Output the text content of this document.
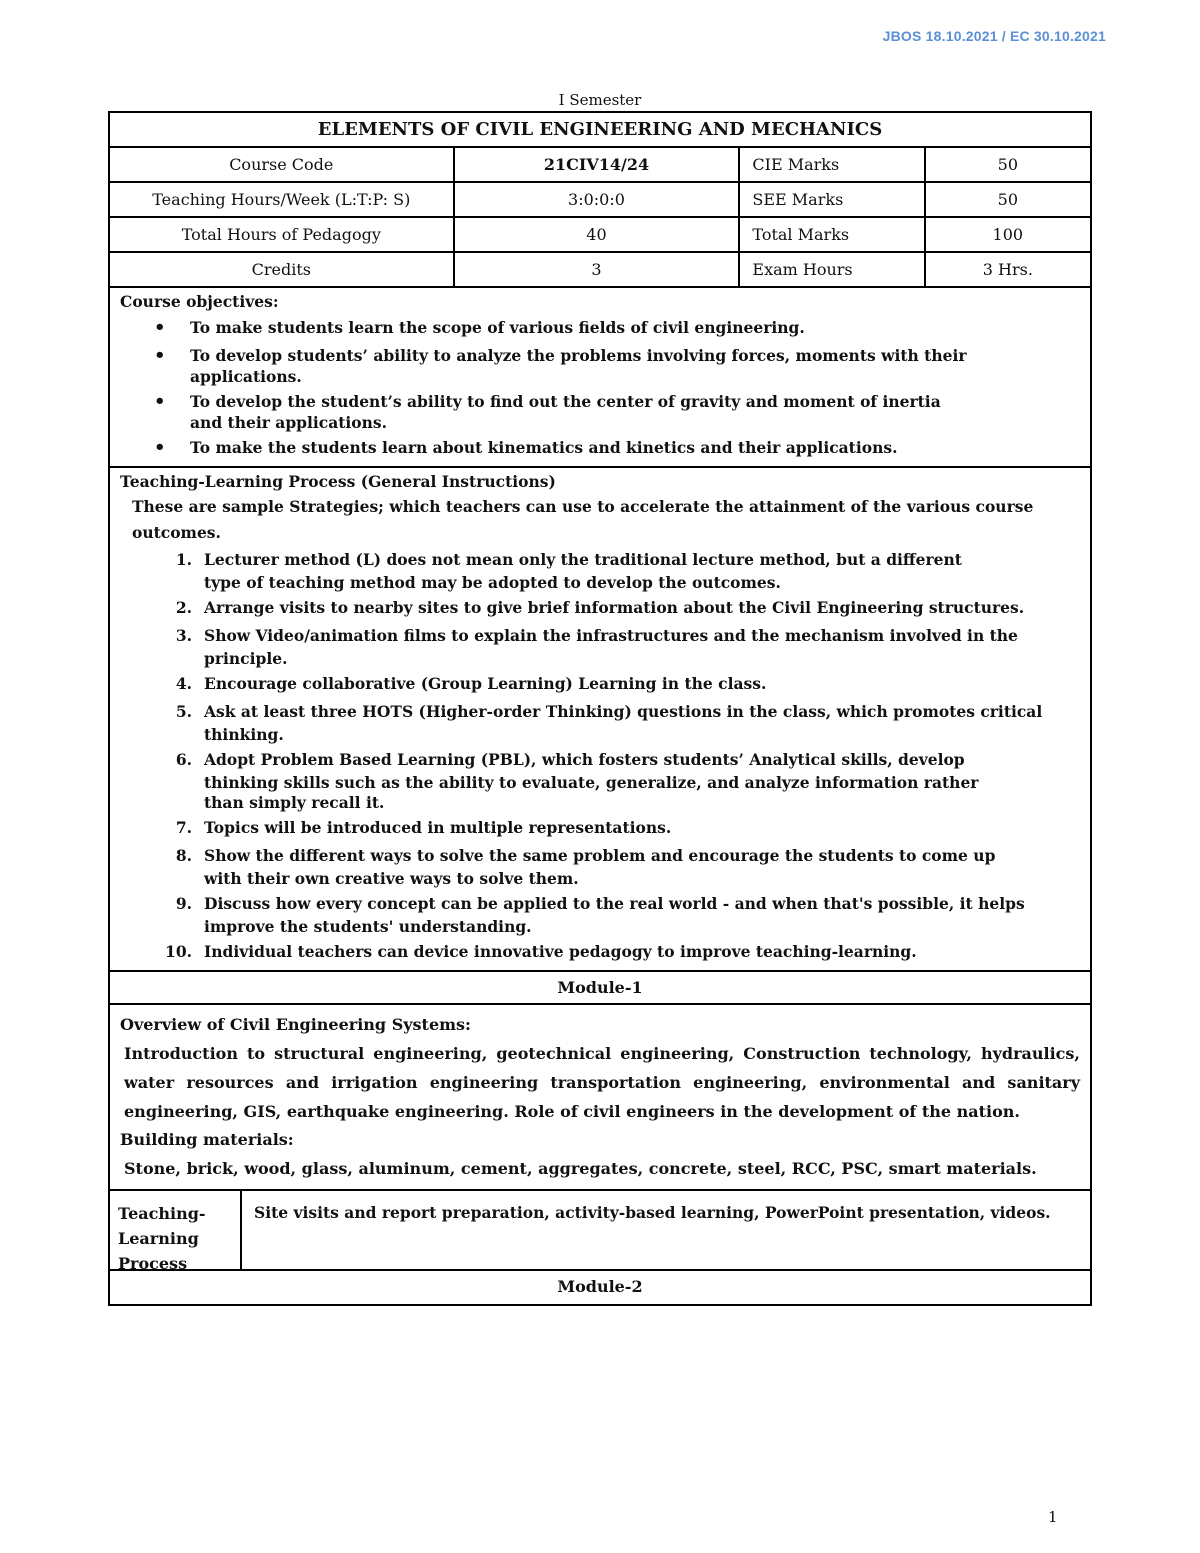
JBOS 18.10.2021 / EC 30.10.2021
I Semester
ELEMENTS OF CIVIL ENGINEERING AND MECHANICS
Course Code	21CIV14/24	CIE Marks	50
Teaching Hours/Week (L:T:P: S)	3:0:0:0	SEE Marks	50
Total Hours of Pedagogy	40	Total Marks	100
Credits	3	Exam Hours	3 Hrs.
Course objectives:
• To make students learn the scope of various fields of civil engineering.
• To develop students’ ability to analyze the problems involving forces, moments with their
applications.
• To develop the student’s ability to find out the center of gravity and moment of inertia
and their applications.
• To make the students learn about kinematics and kinetics and their applications.
Teaching-Learning Process (General Instructions)
These are sample Strategies; which teachers can use to accelerate the attainment of the various course
outcomes.
1. Lecturer method (L) does not mean only the traditional lecture method, but a different
type of teaching method may be adopted to develop the outcomes.
2. Arrange visits to nearby sites to give brief information about the Civil Engineering structures.
3. Show Video/animation films to explain the infrastructures and the mechanism involved in the
principle.
4. Encourage collaborative (Group Learning) Learning in the class.
5. Ask at least three HOTS (Higher-order Thinking) questions in the class, which promotes critical
thinking.
6. Adopt Problem Based Learning (PBL), which fosters students’ Analytical skills, develop
thinking skills such as the ability to evaluate, generalize, and analyze information rather
than simply recall it.
7. Topics will be introduced in multiple representations.
8. Show the different ways to solve the same problem and encourage the students to come up
with their own creative ways to solve them.
9. Discuss how every concept can be applied to the real world - and when that's possible, it helps
improve the students' understanding.
10. Individual teachers can device innovative pedagogy to improve teaching-learning.
Module-1
Overview of Civil Engineering Systems:
Introduction to structural engineering, geotechnical engineering, Construction technology, hydraulics, water resources and irrigation engineering transportation engineering, environmental and sanitary engineering, GIS, earthquake engineering. Role of civil engineers in the development of the nation.
Building materials:
Stone, brick, wood, glass, aluminum, cement, aggregates, concrete, steel, RCC, PSC, smart materials.
Teaching-
Learning
Process
Site visits and report preparation, activity-based learning, PowerPoint presentation, videos.
Module-2
1
